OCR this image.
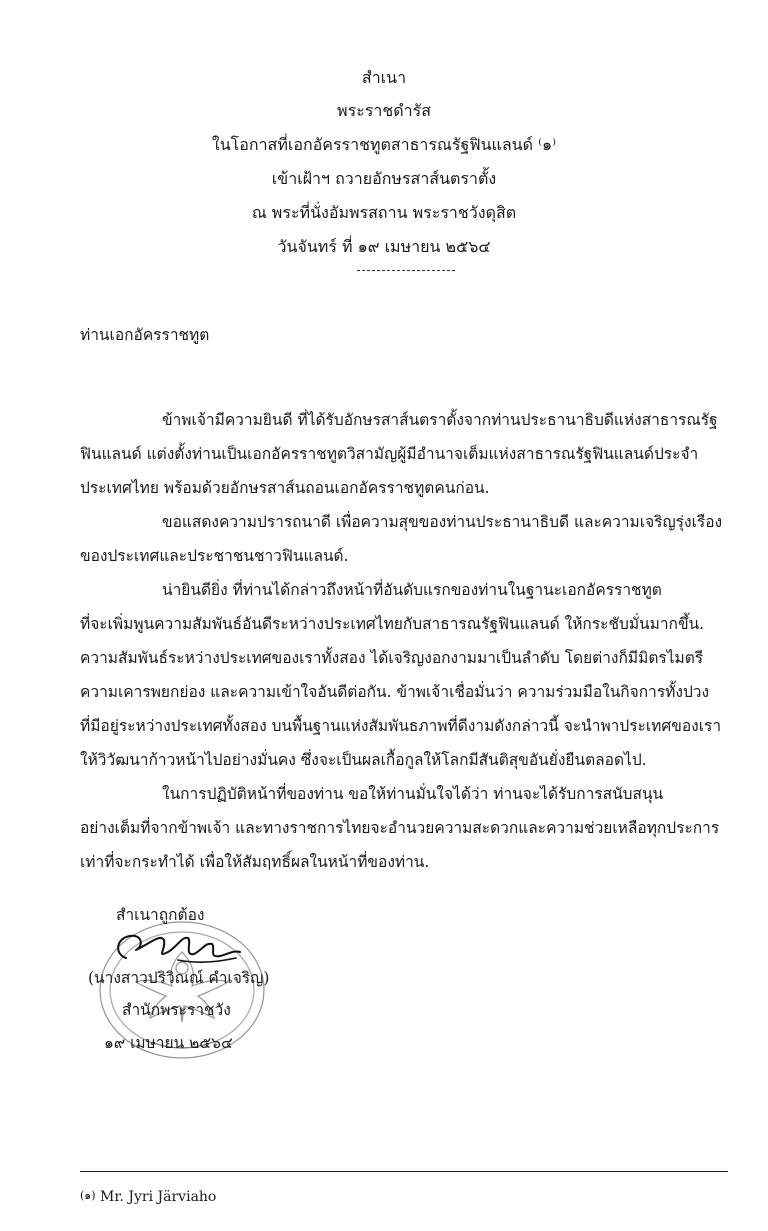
สำเนา
พระราชดำรัส
ในโอกาสที่เอกอัครราชทูตสาธารณรัฐฟินแลนด์ ⁽๑⁾
เข้าเฝ้าฯ ถวายอักษรสาส์นตราตั้ง
ณ พระที่นั่งอัมพรสถาน พระราชวังดุสิต
วันจันทร์ ที่ ๑๙ เมษายน ๒๕๖๔
ท่านเอกอัครราชทูต
ข้าพเจ้ามีความยินดี ที่ได้รับอักษรสาส์นตราตั้งจากท่านประธานาธิบดีแห่งสาธารณรัฐ
ฟินแลนด์ แต่งตั้งท่านเป็นเอกอัครราชทูตวิสามัญผู้มีอำนาจเต็มแห่งสาธารณรัฐฟินแลนด์ประจำ
ประเทศไทย พร้อมด้วยอักษรสาส์นถอนเอกอัครราชทูตคนก่อน.
ขอแสดงความปรารถนาดี เพื่อความสุขของท่านประธานาธิบดี และความเจริญรุ่งเรือง
ของประเทศและประชาชนชาวฟินแลนด์.
น่ายินดียิ่ง ที่ท่านได้กล่าวถึงหน้าที่อันดับแรกของท่านในฐานะเอกอัครราชทูต
ที่จะเพิ่มพูนความสัมพันธ์อันดีระหว่างประเทศไทยกับสาธารณรัฐฟินแลนด์ ให้กระชับมั่นมากขึ้น.
ความสัมพันธ์ระหว่างประเทศของเราทั้งสอง ได้เจริญงอกงามมาเป็นลำดับ โดยต่างก็มีมิตรไมตรี
ความเคารพยกย่อง และความเข้าใจอันดีต่อกัน. ข้าพเจ้าเชื่อมั่นว่า ความร่วมมือในกิจการทั้งปวง
ที่มีอยู่ระหว่างประเทศทั้งสอง บนพื้นฐานแห่งสัมพันธภาพที่ดีงามดังกล่าวนี้ จะนำพาประเทศของเรา
ให้วิวัฒนาก้าวหน้าไปอย่างมั่นคง ซึ่งจะเป็นผลเกื้อกูลให้โลกมีสันติสุขอันยั่งยืนตลอดไป.
ในการปฏิบัติหน้าที่ของท่าน ขอให้ท่านมั่นใจได้ว่า ท่านจะได้รับการสนับสนุน
อย่างเต็มที่จากข้าพเจ้า และทางราชการไทยจะอำนวยความสะดวกและความช่วยเหลือทุกประการ
เท่าที่จะกระทำได้ เพื่อให้สัมฤทธิ์ผลในหน้าที่ของท่าน.
สำเนาถูกต้อง
(นางสาวปริวิณณ์ คำเจริญ)
สำนักพระราชวัง
๑๙ เมษายน ๒๕๖๔
(๑) Mr. Jyri Järviaho
